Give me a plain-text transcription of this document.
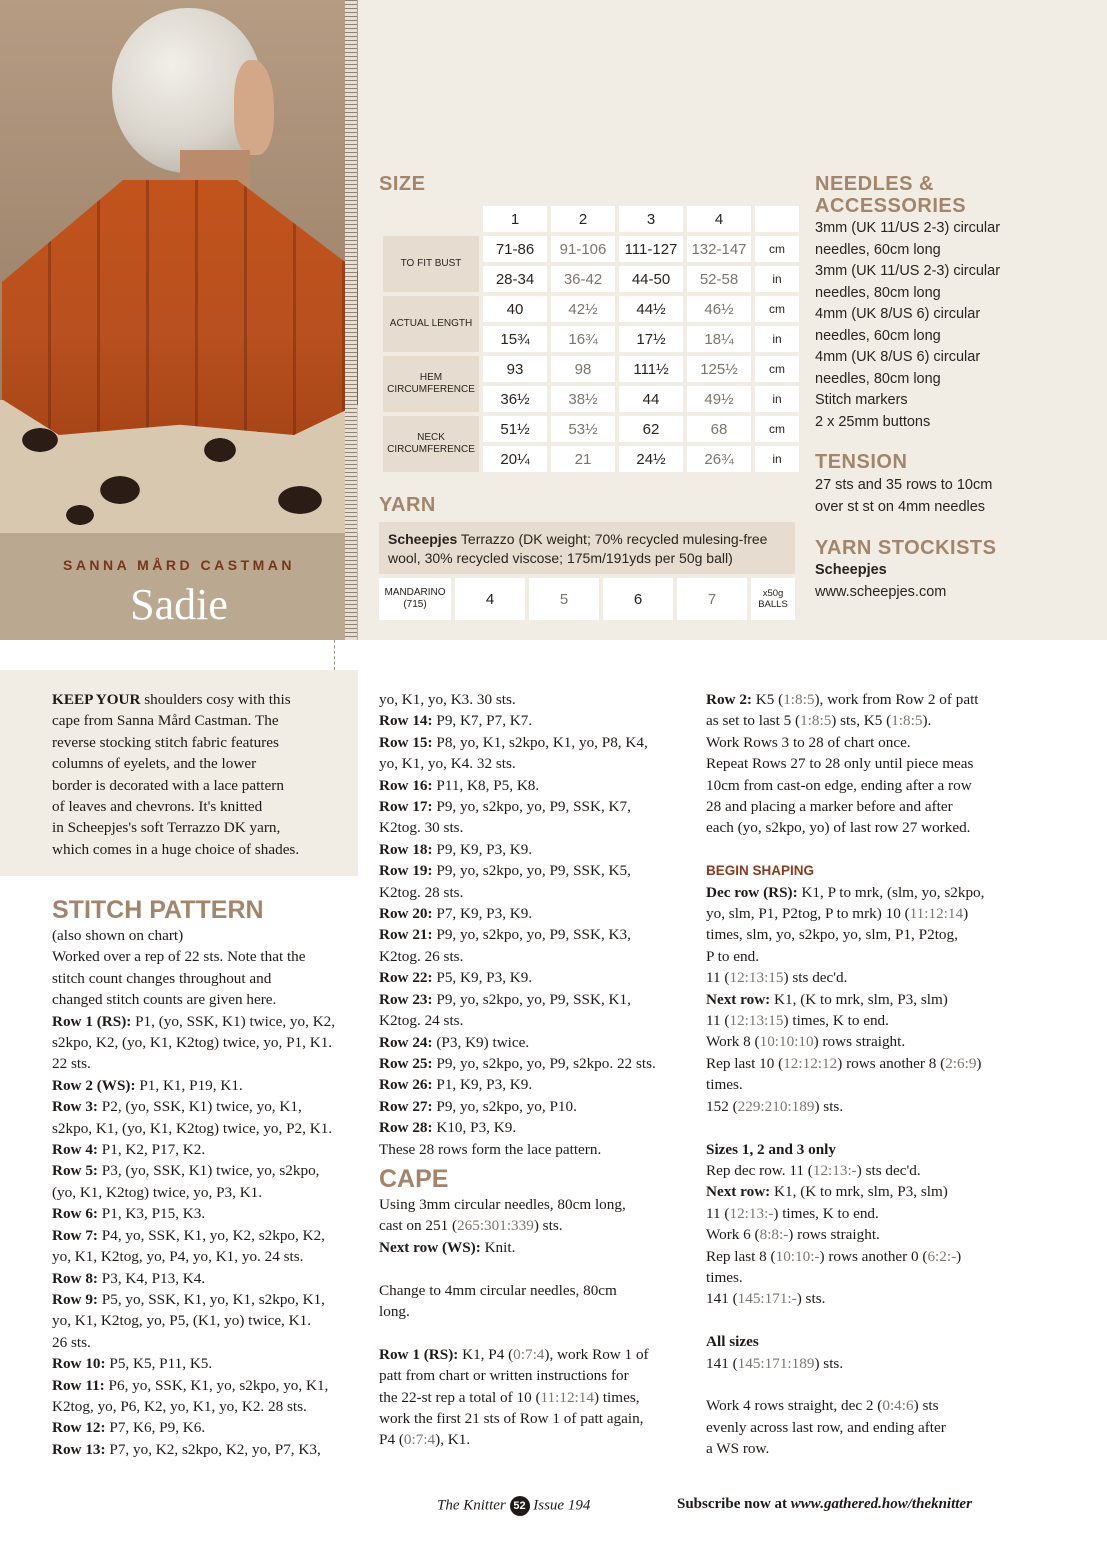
SANNA MÅRD CASTMAN
Sadie
SIZE
	1	2	3	4	
TO FIT BUST	71-86	91-106	111-127	132-147	cm
	28-34	36-42	44-50	52-58	in
ACTUAL LENGTH	40	42½	44½	46½	cm
	15¾	16¾	17½	18¼	in
HEM CIRCUMFERENCE	93	98	111½	125½	cm
	36½	38½	44	49½	in
NECK CIRCUMFERENCE	51½	53½	62	68	cm
	20¼	21	24½	26¾	in
YARN
Scheepjes Terrazzo (DK weight; 70% recycled mulesing-free wool, 30% recycled viscose; 175m/191yds per 50g ball)
MANDARINO (715)	4	5	6	7	x50g BALLS
NEEDLES &
ACCESSORIES
3mm (UK 11/US 2-3) circular
needles, 60cm long
3mm (UK 11/US 2-3) circular
needles, 80cm long
4mm (UK 8/US 6) circular
needles, 60cm long
4mm (UK 8/US 6) circular
needles, 80cm long
Stitch markers
2 x 25mm buttons
TENSION
27 sts and 35 rows to 10cm
over st st on 4mm needles
YARN STOCKISTS
Scheepjes
www.scheepjes.com

KEEP YOUR shoulders cosy with this

cape from Sanna Mård Castman. The

reverse stocking stitch fabric features

columns of eyelets, and the lower

border is decorated with a lace pattern

of leaves and chevrons. It's knitted

in Scheepjes's soft Terrazzo DK yarn,

which comes in a huge choice of shades.

STITCH PATTERN

(also shown on chart)

Worked over a rep of 22 sts. Note that the

stitch count changes throughout and

changed stitch counts are given here.

Row 1 (RS): P1, (yo, SSK, K1) twice, yo, K2,

s2kpo, K2, (yo, K1, K2tog) twice, yo, P1, K1.

22 sts.

Row 2 (WS): P1, K1, P19, K1.

Row 3: P2, (yo, SSK, K1) twice, yo, K1,

s2kpo, K1, (yo, K1, K2tog) twice, yo, P2, K1.

Row 4: P1, K2, P17, K2.

Row 5: P3, (yo, SSK, K1) twice, yo, s2kpo,

(yo, K1, K2tog) twice, yo, P3, K1.

Row 6: P1, K3, P15, K3.

Row 7: P4, yo, SSK, K1, yo, K2, s2kpo, K2,

yo, K1, K2tog, yo, P4, yo, K1, yo. 24 sts.

Row 8: P3, K4, P13, K4.

Row 9: P5, yo, SSK, K1, yo, K1, s2kpo, K1,

yo, K1, K2tog, yo, P5, (K1, yo) twice, K1.

26 sts.

Row 10: P5, K5, P11, K5.

Row 11: P6, yo, SSK, K1, yo, s2kpo, yo, K1,

K2tog, yo, P6, K2, yo, K1, yo, K2. 28 sts.

Row 12: P7, K6, P9, K6.

Row 13: P7, yo, K2, s2kpo, K2, yo, P7, K3,

yo, K1, yo, K3. 30 sts.

Row 14: P9, K7, P7, K7.

Row 15: P8, yo, K1, s2kpo, K1, yo, P8, K4,

yo, K1, yo, K4. 32 sts.

Row 16: P11, K8, P5, K8.

Row 17: P9, yo, s2kpo, yo, P9, SSK, K7,

K2tog. 30 sts.

Row 18: P9, K9, P3, K9.

Row 19: P9, yo, s2kpo, yo, P9, SSK, K5,

K2tog. 28 sts.

Row 20: P7, K9, P3, K9.

Row 21: P9, yo, s2kpo, yo, P9, SSK, K3,

K2tog. 26 sts.

Row 22: P5, K9, P3, K9.

Row 23: P9, yo, s2kpo, yo, P9, SSK, K1,

K2tog. 24 sts.

Row 24: (P3, K9) twice.

Row 25: P9, yo, s2kpo, yo, P9, s2kpo. 22 sts.

Row 26: P1, K9, P3, K9.

Row 27: P9, yo, s2kpo, yo, P10.

Row 28: K10, P3, K9.

These 28 rows form the lace pattern.

CAPE

Using 3mm circular needles, 80cm long,

cast on 251 (265:301:339) sts.

Next row (WS): Knit.

Change to 4mm circular needles, 80cm

long.

Row 1 (RS): K1, P4 (0:7:4), work Row 1 of

patt from chart or written instructions for

the 22-st rep a total of 10 (11:12:14) times,

work the first 21 sts of Row 1 of patt again,

P4 (0:7:4), K1.

Row 2: K5 (1:8:5), work from Row 2 of patt

as set to last 5 (1:8:5) sts, K5 (1:8:5).

Work Rows 3 to 28 of chart once.

Repeat Rows 27 to 28 only until piece meas

10cm from cast-on edge, ending after a row

28 and placing a marker before and after

each (yo, s2kpo, yo) of last row 27 worked.

BEGIN SHAPING

Dec row (RS): K1, P to mrk, (slm, yo, s2kpo,

yo, slm, P1, P2tog, P to mrk) 10 (11:12:14)

times, slm, yo, s2kpo, yo, slm, P1, P2tog,

P to end.

11 (12:13:15) sts dec'd.

Next row: K1, (K to mrk, slm, P3, slm)

11 (12:13:15) times, K to end.

Work 8 (10:10:10) rows straight.

Rep last 10 (12:12:12) rows another 8 (2:6:9)

times.

152 (229:210:189) sts.

Sizes 1, 2 and 3 only

Rep dec row. 11 (12:13:-) sts dec'd.

Next row: K1, (K to mrk, slm, P3, slm)

11 (12:13:-) times, K to end.

Work 6 (8:8:-) rows straight.

Rep last 8 (10:10:-) rows another 0 (6:2:-)

times.

141 (145:171:-) sts.

All sizes

141 (145:171:189) sts.

Work 4 rows straight, dec 2 (0:4:6) sts

evenly across last row, and ending after

a WS row.

The Knitter 52 Issue 194	Subscribe now at www.gathered.how/theknitter
